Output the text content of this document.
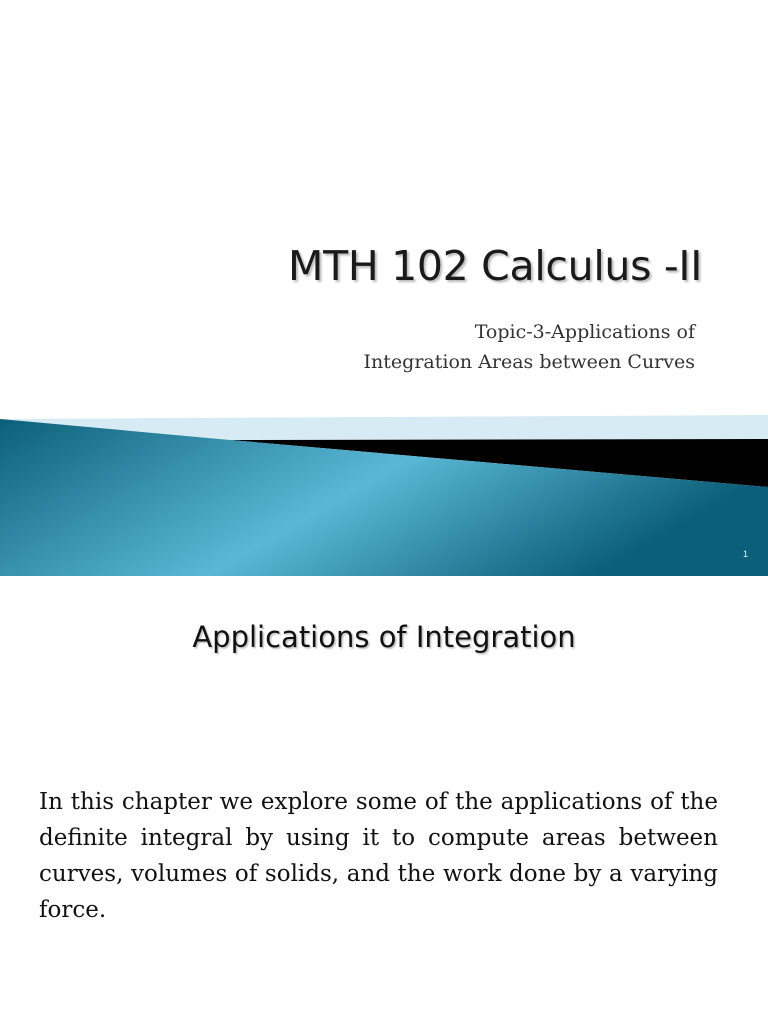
MTH 102 Calculus -II
Topic-3-Applications of
Integration Areas between Curves
1
Applications of Integration

In this chapter we explore some of the applications of the definite integral by using it to compute areas between curves, volumes of solids, and the work done by a varying force.
